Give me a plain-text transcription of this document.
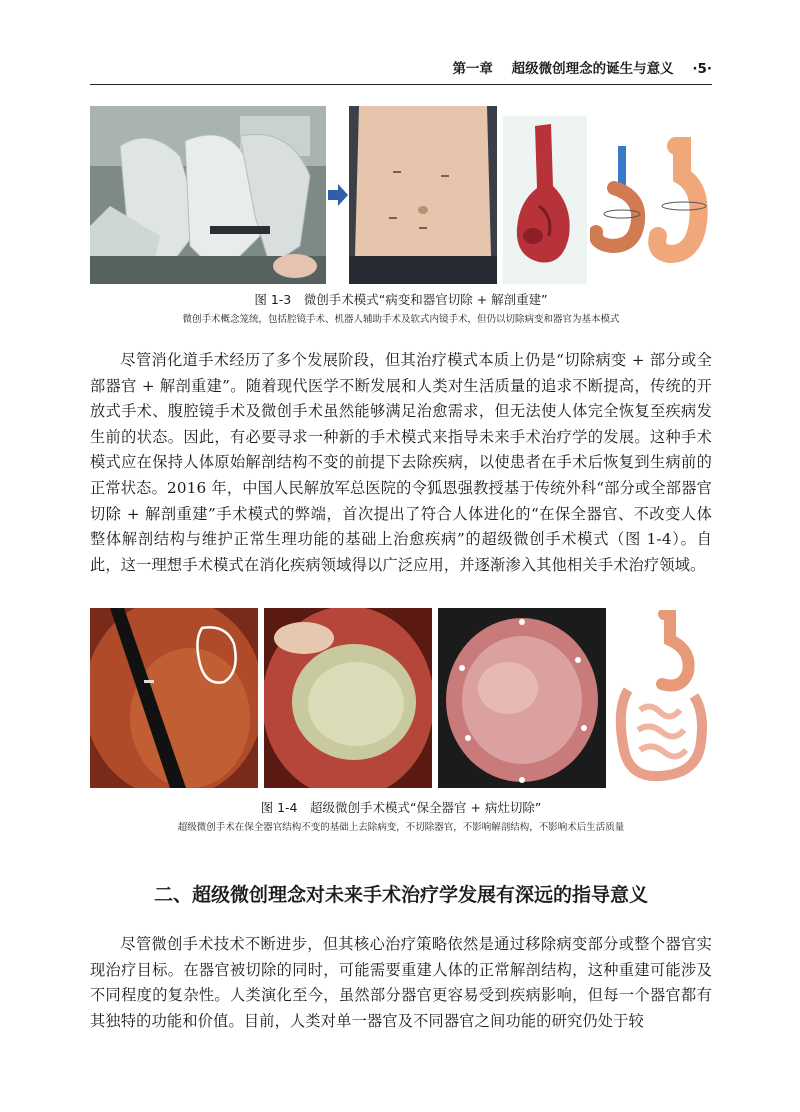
第一章 超级微创理念的诞生与意义 ·5·
图 1-3　微创手术模式“病变和器官切除 + 解剖重建”
微创手术概念笼统，包括腔镜手术、机器人辅助手术及软式内镜手术，但仍以切除病变和器官为基本模式

尽管消化道手术经历了多个发展阶段，但其治疗模式本质上仍是“切除病变 + 部分或全部器官 + 解剖重建”。随着现代医学不断发展和人类对生活质量的追求不断提高，传统的开放式手术、腹腔镜手术及微创手术虽然能够满足治愈需求，但无法使人体完全恢复至疾病发生前的状态。因此，有必要寻求一种新的手术模式来指导未来手术治疗学的发展。这种手术模式应在保持人体原始解剖结构不变的前提下去除疾病，以使患者在手术后恢复到生病前的正常状态。2016 年，中国人民解放军总医院的令狐恩强教授基于传统外科“部分或全部器官切除 + 解剖重建”手术模式的弊端，首次提出了符合人体进化的“在保全器官、不改变人体整体解剖结构与维护正常生理功能的基础上治愈疾病”的超级微创手术模式（图 1-4）。自此，这一理想手术模式在消化疾病领域得以广泛应用，并逐渐渗入其他相关手术治疗领域。

图 1-4　超级微创手术模式“保全器官 + 病灶切除”
超级微创手术在保全器官结构不变的基础上去除病变，不切除器官，不影响解剖结构，不影响术后生活质量
二、超级微创理念对未来手术治疗学发展有深远的指导意义

尽管微创手术技术不断进步，但其核心治疗策略依然是通过移除病变部分或整个器官实现治疗目标。在器官被切除的同时，可能需要重建人体的正常解剖结构，这种重建可能涉及不同程度的复杂性。人类演化至今，虽然部分器官更容易受到疾病影响，但每一个器官都有其独特的功能和价值。目前，人类对单一器官及不同器官之间功能的研究仍处于较
